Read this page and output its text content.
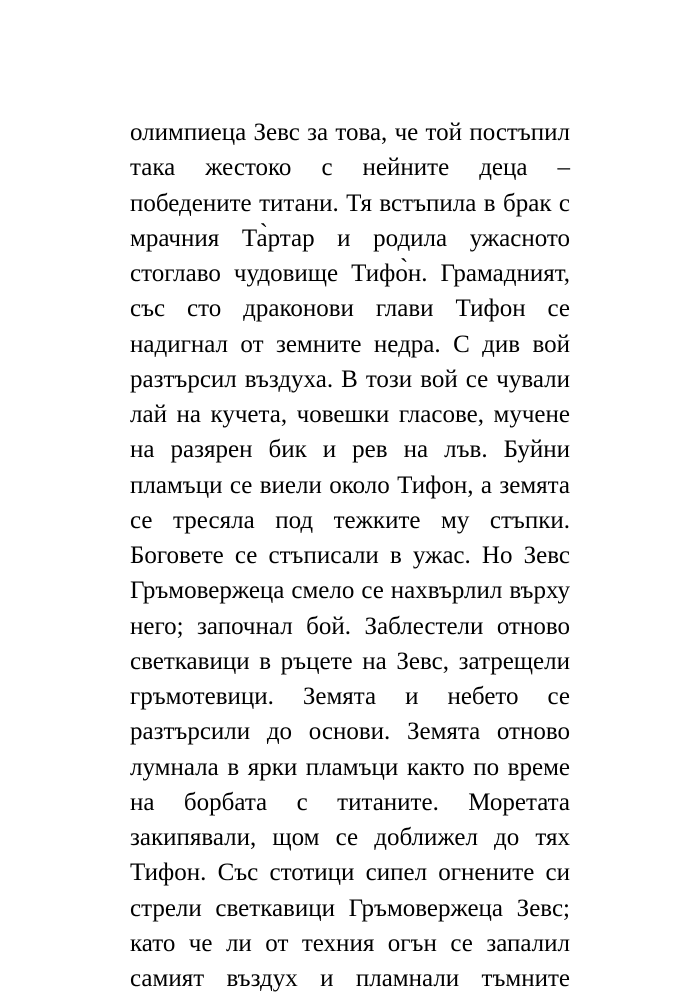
олимпиеца Зевс за това, че той постъпил
така жестоко с нейните деца –
победените титани. Тя встъпила в брак с
мрачния Та̀ртар и родила ужасното
стоглаво чудовище Тифо̀н. Грамадният,
със сто драконови глави Тифон се
надигнал от земните недра. С див вой
разтърсил въздуха. В този вой се чували
лай на кучета, човешки гласове, мучене
на разярен бик и рев на лъв. Буйни
пламъци се виели около Тифон, а земята
се тресяла под тежките му стъпки.
Боговете се стъписали в ужас. Но Зевс
Гръмовержеца смело се нахвърлил върху
него; започнал бой. Заблестели отново
светкавици в ръцете на Зевс, затрещели
гръмотевици. Земята и небето се
разтърсили до основи. Земята отново
лумнала в ярки пламъци както по време
на борбата с титаните. Моретата
закипявали, щом се доближел до тях
Тифон. Със стотици сипел огнените си
стрели светкавици Гръмовержеца Зевс;
като че ли от техния огън се запалил
самият въздух и пламнали тъмните
